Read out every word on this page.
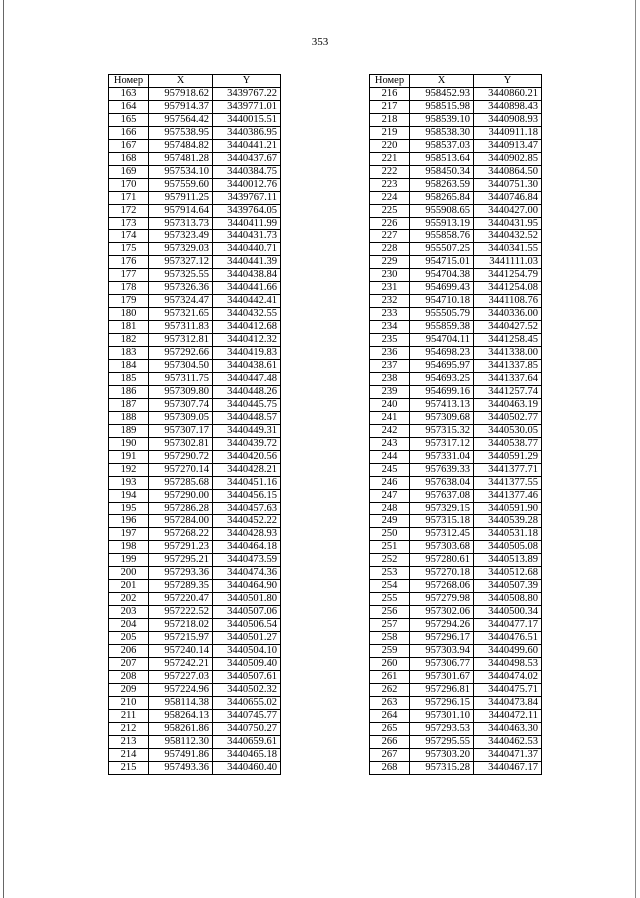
353
Номер	X	Y
163	957918.62	3439767.22
164	957914.37	3439771.01
165	957564.42	3440015.51
166	957538.95	3440386.95
167	957484.82	3440441.21
168	957481.28	3440437.67
169	957534.10	3440384.75
170	957559.60	3440012.76
171	957911.25	3439767.11
172	957914.64	3439764.05
173	957313.73	3440411.99
174	957323.49	3440431.73
175	957329.03	3440440.71
176	957327.12	3440441.39
177	957325.55	3440438.84
178	957326.36	3440441.66
179	957324.47	3440442.41
180	957321.65	3440432.55
181	957311.83	3440412.68
182	957312.81	3440412.32
183	957292.66	3440419.83
184	957304.50	3440438.61
185	957311.75	3440447.48
186	957309.80	3440448.26
187	957307.74	3440445.75
188	957309.05	3440448.57
189	957307.17	3440449.31
190	957302.81	3440439.72
191	957290.72	3440420.56
192	957270.14	3440428.21
193	957285.68	3440451.16
194	957290.00	3440456.15
195	957286.28	3440457.63
196	957284.00	3440452.22
197	957268.22	3440428.93
198	957291.23	3440464.18
199	957295.21	3440473.59
200	957293.36	3440474.36
201	957289.35	3440464.90
202	957220.47	3440501.80
203	957222.52	3440507.06
204	957218.02	3440506.54
205	957215.97	3440501.27
206	957240.14	3440504.10
207	957242.21	3440509.40
208	957227.03	3440507.61
209	957224.96	3440502.32
210	958114.38	3440655.02
211	958264.13	3440745.77
212	958261.86	3440750.27
213	958112.30	3440659.61
214	957491.86	3440465.18
215	957493.36	3440460.40
Номер	X	Y
216	958452.93	3440860.21
217	958515.98	3440898.43
218	958539.10	3440908.93
219	958538.30	3440911.18
220	958537.03	3440913.47
221	958513.64	3440902.85
222	958450.34	3440864.50
223	958263.59	3440751.30
224	958265.84	3440746.84
225	955908.65	3440427.00
226	955913.19	3440431.95
227	955858.76	3440432.52
228	955507.25	3440341.55
229	954715.01	3441111.03
230	954704.38	3441254.79
231	954699.43	3441254.08
232	954710.18	3441108.76
233	955505.79	3440336.00
234	955859.38	3440427.52
235	954704.11	3441258.45
236	954698.23	3441338.00
237	954695.97	3441337.85
238	954693.25	3441337.64
239	954699.16	3441257.74
240	957413.13	3440463.19
241	957309.68	3440502.77
242	957315.32	3440530.05
243	957317.12	3440538.77
244	957331.04	3440591.29
245	957639.33	3441377.71
246	957638.04	3441377.55
247	957637.08	3441377.46
248	957329.15	3440591.90
249	957315.18	3440539.28
250	957312.45	3440531.18
251	957303.68	3440505.08
252	957280.61	3440513.89
253	957270.18	3440512.68
254	957268.06	3440507.39
255	957279.98	3440508.80
256	957302.06	3440500.34
257	957294.26	3440477.17
258	957296.17	3440476.51
259	957303.94	3440499.60
260	957306.77	3440498.53
261	957301.67	3440474.02
262	957296.81	3440475.71
263	957296.15	3440473.84
264	957301.10	3440472.11
265	957293.53	3440463.30
266	957295.55	3440462.53
267	957303.20	3440471.37
268	957315.28	3440467.17
